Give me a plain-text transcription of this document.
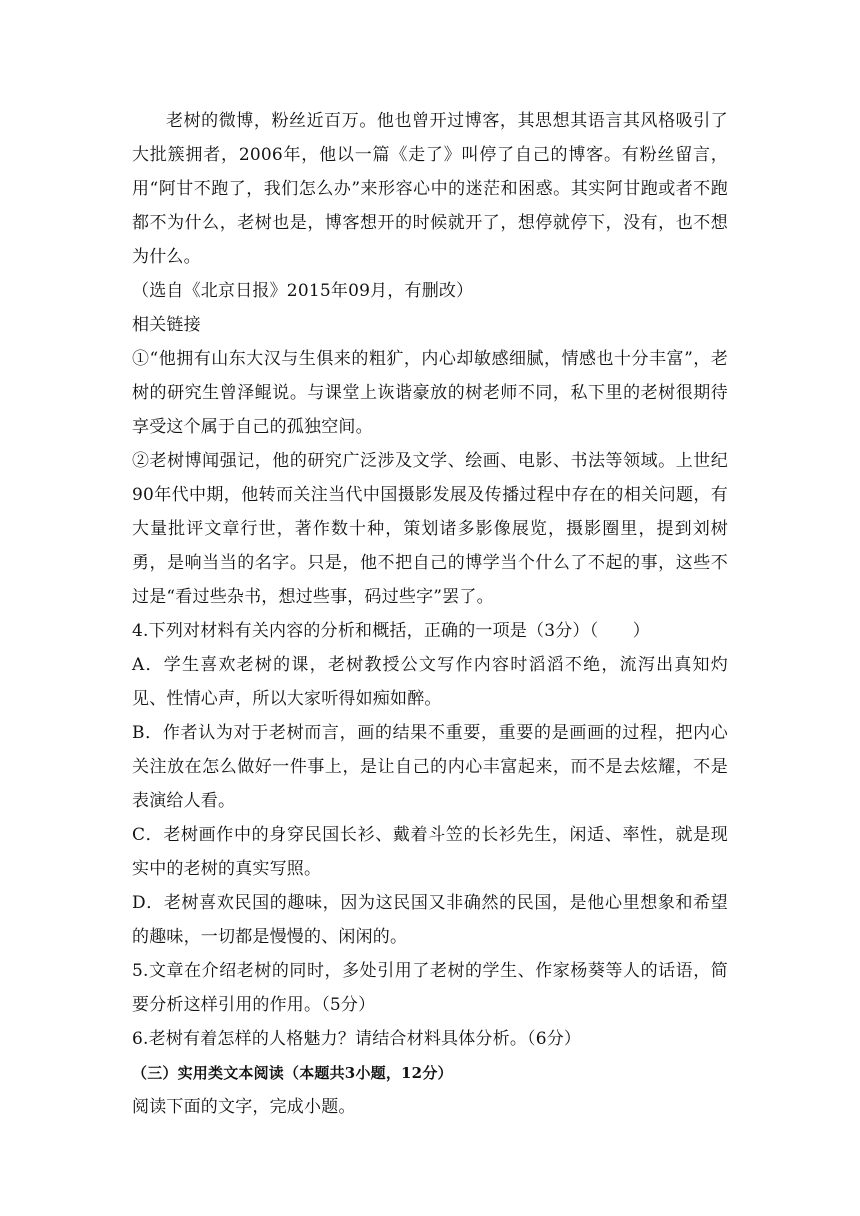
老树的微博，粉丝近百万。他也曾开过博客，其思想其语言其风格吸引了大批簇拥者，2006年，他以一篇《走了》叫停了自己的博客。有粉丝留言，用“阿甘不跑了，我们怎么办”来形容心中的迷茫和困惑。其实阿甘跑或者不跑都不为什么，老树也是，博客想开的时候就开了，想停就停下，没有，也不想为什么。

（选自《北京日报》2015年09月，有删改）

相关链接

①“他拥有山东大汉与生俱来的粗犷，内心却敏感细腻，情感也十分丰富”，老树的研究生曾泽鲲说。与课堂上诙谐豪放的树老师不同，私下里的老树很期待享受这个属于自己的孤独空间。

②老树博闻强记，他的研究广泛涉及文学、绘画、电影、书法等领域。上世纪90年代中期，他转而关注当代中国摄影发展及传播过程中存在的相关问题，有大量批评文章行世，著作数十种，策划诸多影像展览，摄影圈里，提到刘树勇，是响当当的名字。只是，他不把自己的博学当个什么了不起的事，这些不过是“看过些杂书，想过些事，码过些字”罢了。

4.下列对材料有关内容的分析和概括，正确的一项是（3分）（　　）

A．学生喜欢老树的课，老树教授公文写作内容时滔滔不绝，流泻出真知灼见、性情心声，所以大家听得如痴如醉。

B．作者认为对于老树而言，画的结果不重要，重要的是画画的过程，把内心关注放在怎么做好一件事上，是让自己的内心丰富起来，而不是去炫耀，不是表演给人看。

C．老树画作中的身穿民国长衫、戴着斗笠的长衫先生，闲适、率性，就是现实中的老树的真实写照。

D．老树喜欢民国的趣味，因为这民国又非确然的民国，是他心里想象和希望的趣味，一切都是慢慢的、闲闲的。

5.文章在介绍老树的同时，多处引用了老树的学生、作家杨葵等人的话语，简要分析这样引用的作用。（5分）

6.老树有着怎样的人格魅力？请结合材料具体分析。（6分）

（三）实用类文本阅读（本题共3小题，12分）

阅读下面的文字，完成小题。
